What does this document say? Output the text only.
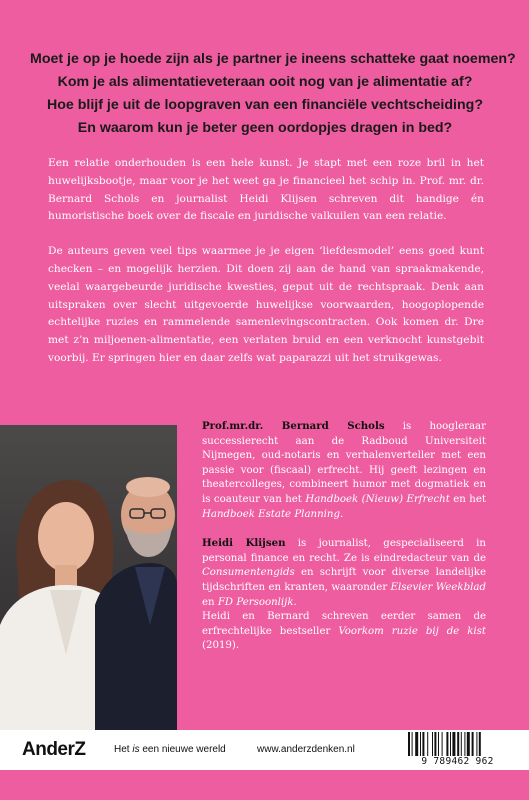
Moet je op je hoede zijn als je partner je ineens schatteke gaat noemen?
Kom je als alimentatieveteraan ooit nog van je alimentatie af?
Hoe blijf je uit de loopgraven van een financiële vechtscheiding?
En waarom kun je beter geen oordopjes dragen in bed?

Een relatie onderhouden is een hele kunst. Je stapt met een roze bril in het huwelijksbootje, maar voor je het weet ga je financieel het schip in. Prof. mr. dr. Bernard Schols en journalist Heidi Klijsen schreven dit handige én humoristische boek over de fiscale en juridische valkuilen van een relatie.

De auteurs geven veel tips waarmee je je eigen ‘liefdesmodel’ eens goed kunt checken – en mogelijk herzien. Dit doen zij aan de hand van spraakmakende, veelal waargebeurde juridische kwesties, geput uit de rechtspraak. Denk aan uitspraken over slecht uitgevoerde huwelijkse voorwaarden, hoogoplopende echtelijke ruzies en rammelende samenlevingscontracten. Ook komen dr. Dre met z’n miljoenen-alimentatie, een verlaten bruid en een verknocht kunstgebit voorbij. Er springen hier en daar zelfs wat paparazzi uit het struikgewas.

Prof.mr.dr. Bernard Schols is hoogleraar successierecht aan de Radboud Universiteit Nijmegen, oud-notaris en verhalenverteller met een passie voor (fiscaal) erfrecht. Hij geeft lezingen en theatercolleges, combineert humor met dogmatiek en is coauteur van het Handboek (Nieuw) Erfrecht en het Handboek Estate Planning.

Heidi Klijsen is journalist, gespecialiseerd in personal finance en recht. Ze is eindredacteur van de Consumentengids en schrijft voor diverse landelijke tijdschriften en kranten, waaronder Elsevier Weekblad en FD Persoonlijk.

Heidi en Bernard schreven eerder samen de erfrechtelijke bestseller Voorkom ruzie bij de kist (2019).

AnderZ	Het is een nieuwe wereld	www.anderzdenken.nl
9 789462 962
